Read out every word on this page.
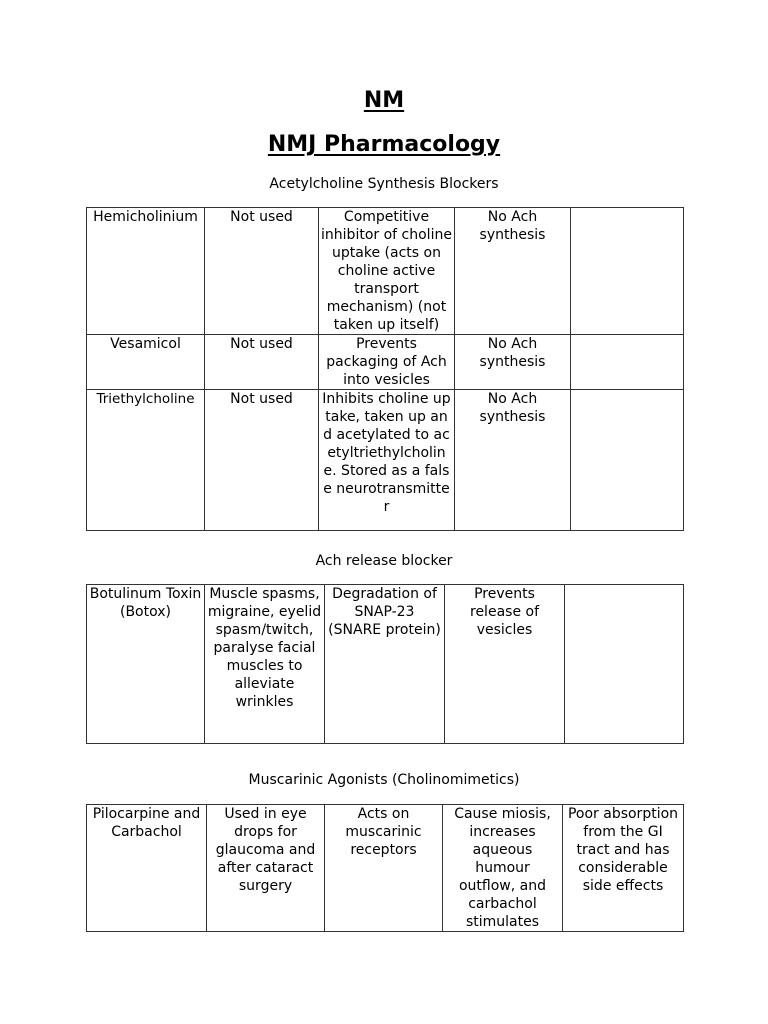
NM
NMJ Pharmacology
Acetylcholine Synthesis Blockers
Hemicholinium	Not used	Competitive inhibitor of choline uptake (acts on choline active transport mechanism) (not taken up itself)	No Ach synthesis	
Vesamicol	Not used	Prevents packaging of Ach into vesicles	No Ach synthesis	
Triethylcholine	Not used	Inhibits choline uptake, taken up and acetylated to acetyltriethylcholine. Stored as a false neurotransmitter	No Ach synthesis	
Ach release blocker
Botulinum Toxin  (Botox)	Muscle spasms, migraine, eyelid spasm/twitch, paralyse facial muscles to alleviate wrinkles	Degradation of SNAP-23 (SNARE protein)	Prevents release of vesicles	
Muscarinic Agonists (Cholinomimetics)
Pilocarpine and Carbachol	Used in eye drops for glaucoma and after cataract surgery	Acts on muscarinic receptors	Cause miosis, increases aqueous humour outflow, and carbachol stimulates	Poor absorption from the GI tract and has considerable side effects
